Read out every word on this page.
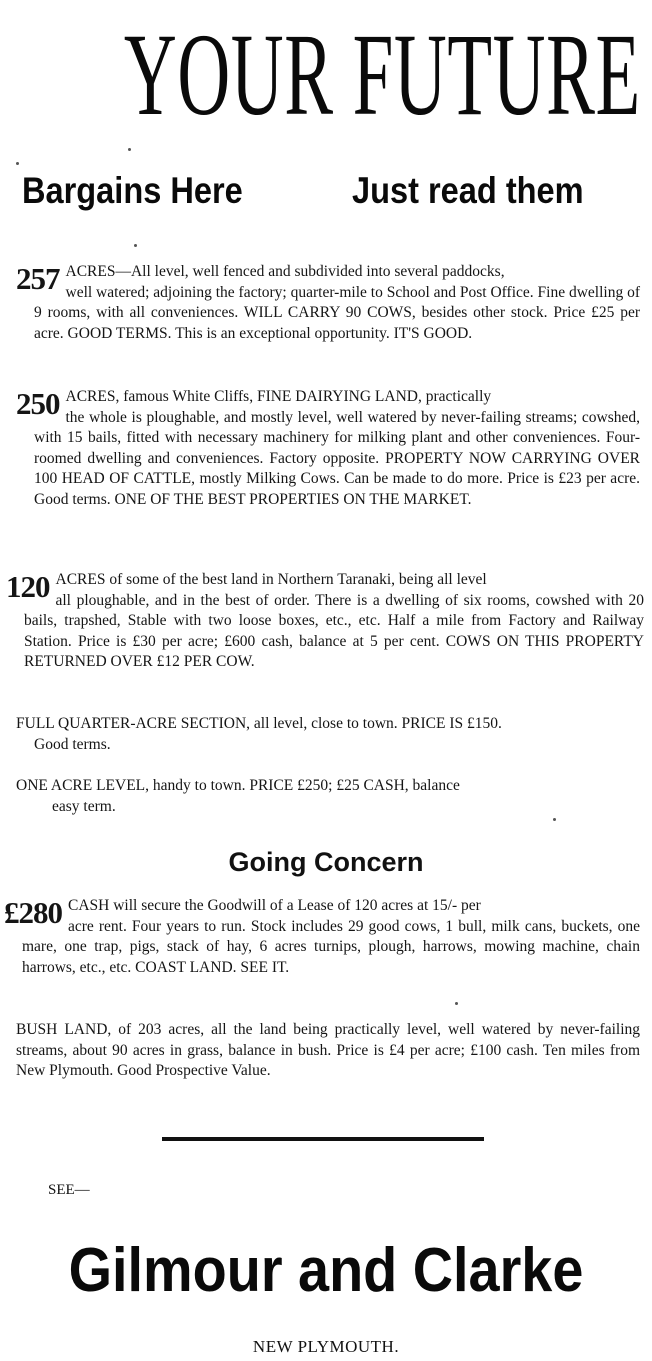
YOUR FUTURE
Bargains Here	Just read them
257 ACRES—All level, well fenced and subdivided into several paddocks,

well watered; adjoining the factory; quarter-mile to School and Post Office. Fine dwelling of 9 rooms, with all conveniences. WILL CARRY 90 COWS, besides other stock. Price £25 per acre. GOOD TERMS. This is an exceptional opportunity. IT'S GOOD.

250 ACRES, famous White Cliffs, FINE DAIRYING LAND, practically

the whole is ploughable, and mostly level, well watered by never-failing streams; cowshed, with 15 bails, fitted with necessary machinery for milking plant and other conveniences. Four-roomed dwelling and conveniences. Factory opposite. PROPERTY NOW CARRYING OVER 100 HEAD OF CATTLE, mostly Milking Cows. Can be made to do more. Price is £23 per acre. Good terms. ONE OF THE BEST PROPERTIES ON THE MARKET.

120 ACRES of some of the best land in Northern Taranaki, being all level

all ploughable, and in the best of order. There is a dwelling of six rooms, cowshed with 20 bails, trapshed, Stable with two loose boxes, etc., etc. Half a mile from Factory and Railway Station. Price is £30 per acre; £600 cash, balance at 5 per cent. COWS ON THIS PROPERTY RETURNED OVER £12 PER COW.

FULL QUARTER-ACRE SECTION, all level, close to town. PRICE IS £150.

Good terms.

ONE ACRE LEVEL, handy to town. PRICE £250; £25 CASH, balance

easy term.

Going Concern
£280 CASH will secure the Goodwill of a Lease of 120 acres at 15/- per

acre rent. Four years to run. Stock includes 29 good cows, 1 bull, milk cans, buckets, one mare, one trap, pigs, stack of hay, 6 acres turnips, plough, harrows, mowing machine, chain harrows, etc., etc. COAST LAND. SEE IT.

BUSH LAND, of 203 acres, all the land being practically level, well watered by never-failing streams, about 90 acres in grass, balance in bush. Price is £4 per acre; £100 cash. Ten miles from New Plymouth. Good Prospective Value.

SEE—
Gilmour and Clarke
NEW PLYMOUTH.
